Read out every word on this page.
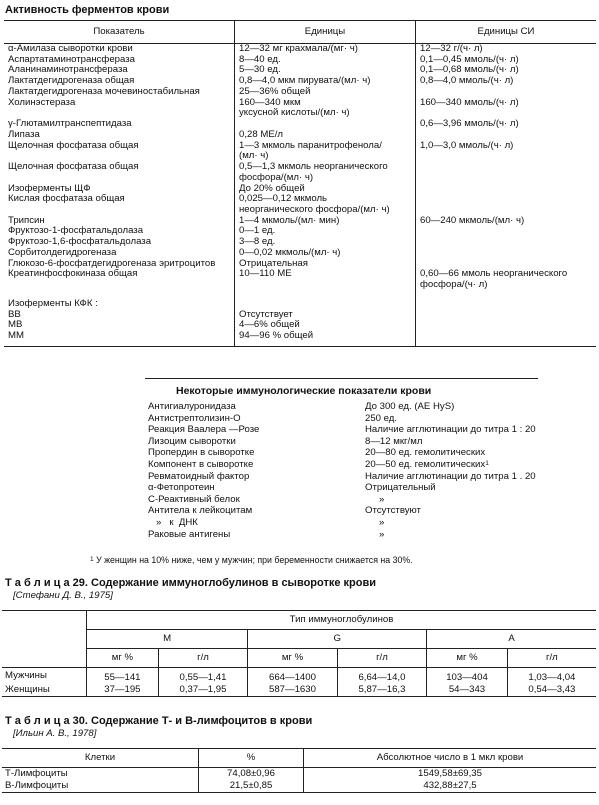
Активность ферментов крови
Показатель	Единицы	Единицы СИ
α-Амилаза сыворотки крови	12—32 мг крахмала/(мг· ч)	12—32 г/(ч· л)
Аспартатаминотрансфераза	8—40 ед.	0,1—0,45 ммоль/(ч· л)
Аланинаминотрансфераза	5—30 ед.	0,1—0,68 ммоль/(ч· л)
Лактатдегидрогеназа общая	0,8—4,0 мкм пирувата/(мл· ч)	0,8—4,0 ммоль/(ч· л)
Лактатдегидрогеназа мочевиностабильная	25—36% общей	
Холинэстераза	160—340 мкм
уксусной кислоты/(мл· ч)	160—340 ммоль/(ч· л)
γ-Глютамилтранспептидаза		0,6—3,96 ммоль/(ч· л)
Липаза	0,28 МЕ/л	
Щелочная фосфатаза общая	1—3 мкмоль паранитрофенола/
(мл· ч)	1,0—3,0 ммоль/(ч· л)
Щелочная фосфатаза общая	0,5—1,3 мкмоль неорганического
фосфора/(мл· ч)	
Изоферменты ЩФ	До 20% общей	
Кислая фосфатаза общая	0,025—0,12 мкмоль
неорганического фосфора/(мл· ч)	
Трипсин	1—4 мкмоль/(мл· мин)	60—240 мкмоль/(мл· ч)
Фруктозо-1-фосфатальдолаза	0—1 ед.	
Фруктозо-1,6-фосфатальдолаза	3—8 ед.	
Сорбитолдегидрогеназа	0—0,02 мкмоль/(мл· ч)	
Глюкозо-6-фосфатдегидрогеназа эритроцитов	Отрицательная	
Креатинфосфокиназа общая	10—110 МЕ	0,60—66 ммоль неорганического
фосфора/(ч· л)

Изоферменты КФК :		
ВВ	Отсутствует	
МВ	4—6% общей	
ММ	94—96 % общей	
Некоторые иммунологические показатели крови
Антигиалуронидаза	До 300 ед. (АЕ HyS)
Антистрептолизин-О	250 ед.
Реакция Ваалера —Розе	Наличие агглютинации до титра 1 : 20
Лизоцим сыворотки	8—12 мкг/мл
Пропердин в сыворотке	20—80 ед. гемолитических
Компонент в сыворотке	20—50 ед. гемолитических$^1$
Ревматоидный фактор	Наличие агглютинации до титра 1 . 20
α-Фетопротеин	Отрицательный
С-Реактивный белок	»
Антитела к лейкоцитам	Отсутствуют
»   к  ДНК	»
Раковые антигены	»
$^1$ У женщин на 10% ниже, чем у мужчин; при беременности снижается на 30%.
Т а б л и ц а 29. Содержание иммуноглобулинов в сыворотке крови
[Стефани Д. В., 1975]
	Тип иммуноглобулинов					
	М		G		А	
	мг %	г/л	мг %	г/л	мг %	г/л
Мужчины	55—141	0,55—1,41	664—1400	6,64—14,0	103—404	1,03—4,04
Женщины	37—195	0,37—1,95	587—1630	5,87—16,3	54—343	0,54—3,43
Т а б л и ц а 30. Содержание Т- и В-лимфоцитов в крови
[Ильин А. В., 1978]
Клетки	%	Абсолютное число в 1 мкл крови
Т-Лимфоциты	74,08±0,96	1549,58±69,35
В-Лимфоциты	21,5±0,85	432,88±27,5
